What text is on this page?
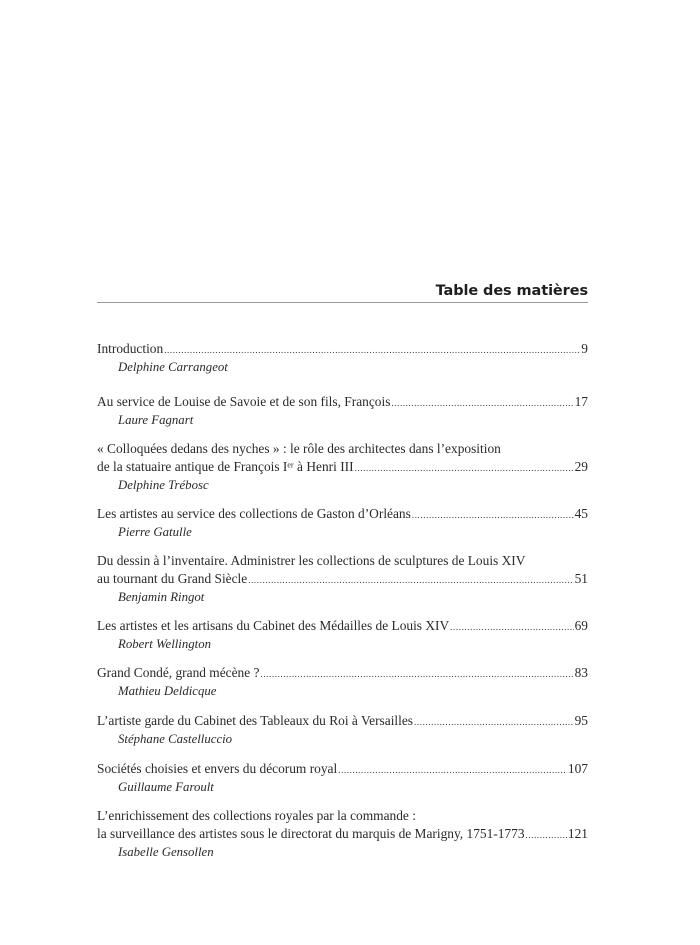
Table des matières
Introduction .....	9
Delphine Carrangeot
Au service de Louise de Savoie et de son fils, François .....	17
Laure Fagnart
« Colloquées dedans des nyches » : le rôle des architectes dans l’exposition
de la statuaire antique de François Iᵉʳ à Henri III .....	29
Delphine Trébosc
Les artistes au service des collections de Gaston d’Orléans .....	45
Pierre Gatulle
Du dessin à l’inventaire. Administrer les collections de sculptures de Louis XIV
au tournant du Grand Siècle .....	51
Benjamin Ringot
Les artistes et les artisans du Cabinet des Médailles de Louis XIV .....	69
Robert Wellington
Grand Condé, grand mécène ? .....	83
Mathieu Deldicque
L’artiste garde du Cabinet des Tableaux du Roi à Versailles .....	95
Stéphane Castelluccio
Sociétés choisies et envers du décorum royal .....	107
Guillaume Faroult
L’enrichissement des collections royales par la commande :
la surveillance des artistes sous le directorat du marquis de Marigny, 1751-1773 .....	121
Isabelle Gensollen
